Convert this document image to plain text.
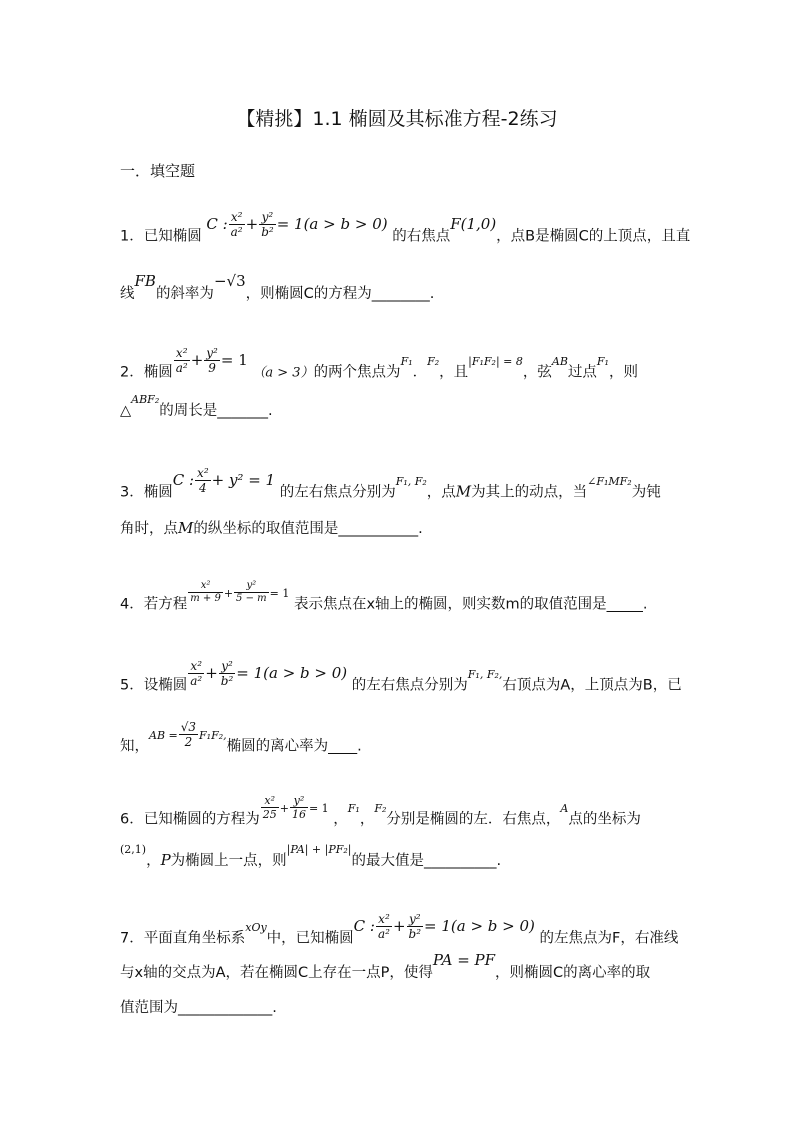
【精挑】1.1 椭圆及其标准方程-2练习
一．填空题
1．已知椭圆 C : $\frac{\text{x²}}{\text{a²}} + \frac{\text{y²}}{\text{b²}} = 1(a > b > 0)$ 的右焦点F(1,0)，点B是椭圆C的上顶点，且直
线FB的斜率为−√3，则椭圆C的方程为________.
2．椭圆 $\frac{\text{x²}}{\text{a²}} + \frac{\text{y²}}{9} = 1$ （a > 3）的两个焦点为$^{F_1}$．$^{F_2}$，且$^{|F_1F_2| = 8}$，弦$^{AB}$过点$^{F_1}$，则
△$^{ABF_2}$的周长是_______.
3．椭圆C : $\frac{\text{x²}}{4} + y^2 = 1$ 的左右焦点分别为$^{F_1, F_2}$，点M为其上的动点，当$^{\angle F_1MF_2}$为钝
角时，点M的纵坐标的取值范围是___________.
4．若方程 $\frac{\text{x²}}{m + 9} ^+ \frac{\text{y²}}{5 - m} ^{= 1}$ 表示焦点在x轴上的椭圆，则实数m的取值范围是_____.
5．设椭圆 $\frac{\text{x²}}{\text{a²}} + \frac{\text{y²}}{\text{b²}} = 1(a > b > 0)$ 的左右焦点分别为$^{F_1, F_2,}$右顶点为A，上顶点为B，已
知，$^{AB =} \frac{√3}{2} ^{F_1F_2,}$椭圆的离心率为____.
6．已知椭圆的方程为 $\frac{\text{x²}}{25} ^+ \frac{\text{y²}}{16} ^{= 1}$ ，$^{F_1}$，$^{F_2}$分别是椭圆的左．右焦点，$^A$点的坐标为
$^{(2,1)}$，P为椭圆上一点，则$^{|PA| + |PF_2|}$的最大值是__________.
7．平面直角坐标系$^{xOy}$中，已知椭圆C : $\frac{\text{x²}}{\text{a²}} + \frac{\text{y²}}{\text{b²}} = 1(a > b > 0)$ 的左焦点为F，右准线
与x轴的交点为A，若在椭圆C上存在一点P，使得PA = PF，则椭圆C的离心率的取
值范围为_____________.
